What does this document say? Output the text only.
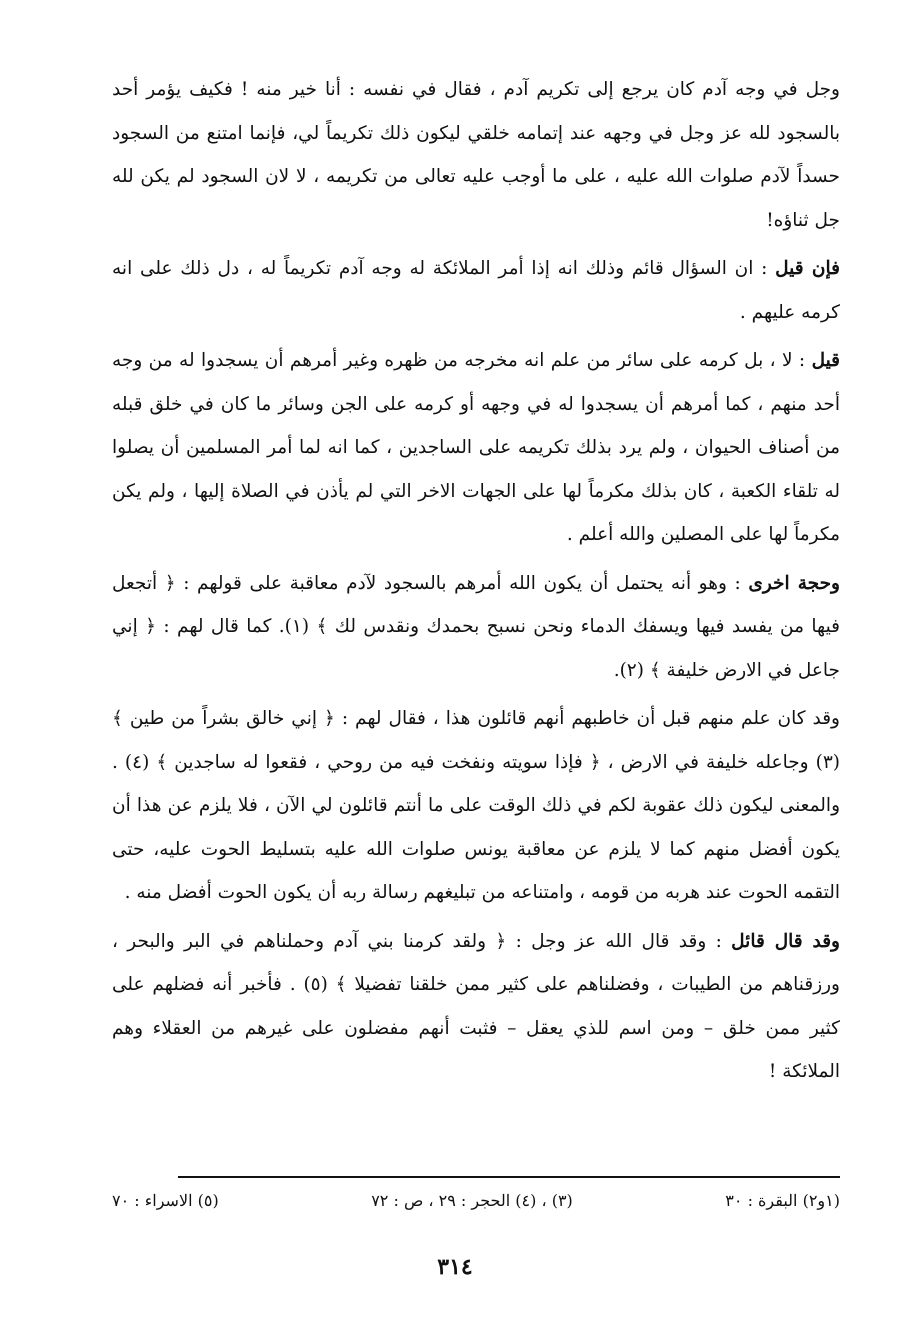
وجل في وجه آدم كان يرجع إلى تكريم آدم ، فقال في نفسه : أنا خير منه ! فكيف يؤمر أحد بالسجود لله عز وجل في وجهه عند إتمامه خلقي ليكون ذلك تكريماً لي، فإنما امتنع من السجود حسداً لآدم صلوات الله عليه ، على ما أوجب عليه تعالى من تكريمه ، لا لان السجود لم يكن لله جل ثناؤه!

فإن قيل : ان السؤال قائم وذلك انه إذا أمر الملائكة له وجه آدم تكريماً له ، دل ذلك على انه كرمه عليهم .

قيل : لا ، بل كرمه على سائر من علم انه مخرجه من ظهره وغير أمرهم أن يسجدوا له من وجه أحد منهم ، كما أمرهم أن يسجدوا له في وجهه أو كرمه على الجن وسائر ما كان في خلق قبله من أصناف الحيوان ، ولم يرد بذلك تكريمه على الساجدين ، كما انه لما أمر المسلمين أن يصلوا له تلقاء الكعبة ، كان بذلك مكرماً لها على الجهات الاخر التي لم يأذن في الصلاة إليها ، ولم يكن مكرماً لها على المصلين والله أعلم .

وحجة اخرى : وهو أنه يحتمل أن يكون الله أمرهم بالسجود لآدم معاقبة على قولهم : ﴿ أتجعل فيها من يفسد فيها ويسفك الدماء ونحن نسبح بحمدك ونقدس لك ﴾ (١). كما قال لهم : ﴿ إني جاعل في الارض خليفة ﴾ (٢).

وقد كان علم منهم قبل أن خاطبهم أنهم قائلون هذا ، فقال لهم : ﴿ إني خالق بشراً من طين ﴾ (٣) وجاعله خليفة في الارض ، ﴿ فإذا سويته ونفخت فيه من روحي ، فقعوا له ساجدين ﴾ (٤) . والمعنى ليكون ذلك عقوبة لكم في ذلك الوقت على ما أنتم قائلون لي الآن ، فلا يلزم عن هذا أن يكون أفضل منهم كما لا يلزم عن معاقبة يونس صلوات الله عليه بتسليط الحوت عليه، حتى التقمه الحوت عند هربه من قومه ، وامتناعه من تبليغهم رسالة ربه أن يكون الحوت أفضل منه .

وقد قال قائل : وقد قال الله عز وجل : ﴿ ولقد كرمنا بني آدم وحملناهم في البر والبحر ، ورزقناهم من الطيبات ، وفضلناهم على كثير ممن خلقنا تفضيلا ﴾ (٥) . فأخبر أنه فضلهم على كثير ممن خلق – ومن اسم للذي يعقل – فثبت أنهم مفضلون على غيرهم من العقلاء وهم الملائكة !

(١و٢) البقرة : ٣٠
(٣) ، (٤) الحجر : ٢٩ ، ص : ٧٢
(٥) الاسراء : ٧٠
٣١٤
